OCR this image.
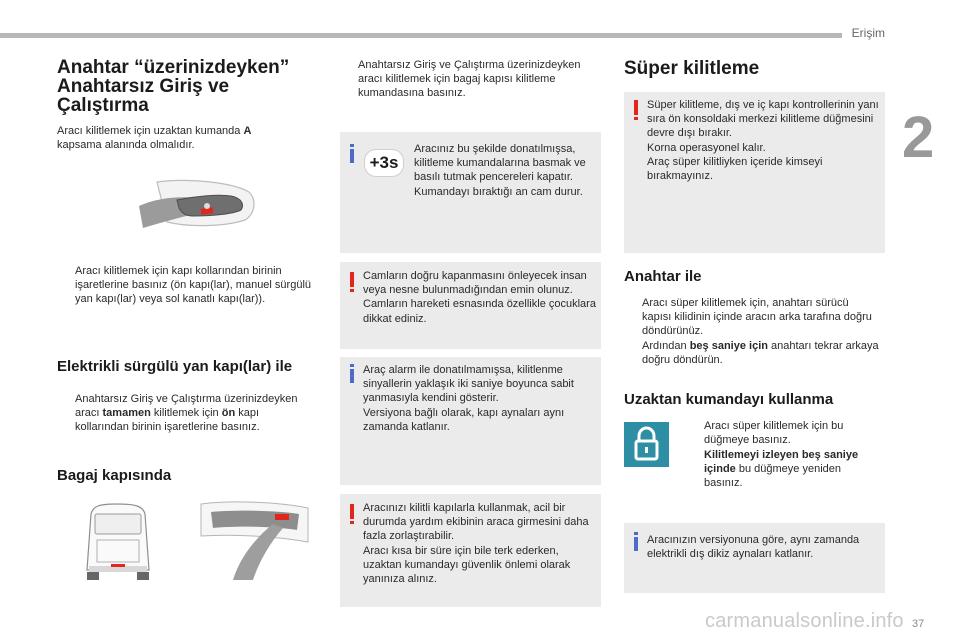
Erişim
2
37
carmanualsonline.info
Anahtar “üzerinizdeyken”
Anahtarsız Giriş ve
Çalıştırma
Aracı kilitlemek için uzaktan kumanda A
kapsama alanında olmalıdır.
Aracı kilitlemek için kapı kollarından birinin işaretlerine basınız (ön kapı(lar), manuel sürgülü yan kapı(lar) veya sol kanatlı kapı(lar)).
Elektrikli sürgülü yan kapı(lar) ile
Anahtarsız Giriş ve Çalıştırma üzerinizdeyken aracı tamamen kilitlemek için ön kapı kollarından birinin işaretlerine basınız.
Bagaj kapısında
Anahtarsız Giriş ve Çalıştırma üzerinizdeyken aracı kilitlemek için bagaj kapısı kilitleme kumandasına basınız.
Aracınız bu şekilde donatılmışsa, kilitleme kumandalarına basmak ve basılı tutmak pencereleri kapatır. Kumandayı bıraktığı an cam durur.
+3s
Camların doğru kapanmasını önleyecek insan veya nesne bulunmadığından emin olunuz.
Camların hareketi esnasında özellikle çocuklara dikkat ediniz.
Araç alarm ile donatılmamışsa, kilitlenme sinyallerin yaklaşık iki saniye boyunca sabit yanmasıyla kendini gösterir.
Versiyona bağlı olarak, kapı aynaları aynı zamanda katlanır.
Aracınızı kilitli kapılarla kullanmak, acil bir durumda yardım ekibinin araca girmesini daha fazla zorlaştırabilir.
Aracı kısa bir süre için bile terk ederken, uzaktan kumandayı güvenlik önlemi olarak yanınıza alınız.
Süper kilitleme
Süper kilitleme, dış ve iç kapı kontrollerinin yanı sıra ön konsoldaki merkezi kilitleme düğmesini devre dışı bırakır.
Korna operasyonel kalır.
Araç süper kilitliyken içeride kimseyi bırakmayınız.
Anahtar ile
Aracı süper kilitlemek için, anahtarı sürücü kapısı kilidinin içinde aracın arka tarafına doğru döndürünüz.
Ardından beş saniye için anahtarı tekrar arkaya doğru döndürün.
Uzaktan kumandayı kullanma
Aracı süper kilitlemek için bu düğmeye basınız.
Kilitlemeyi izleyen beş saniye içinde bu düğmeye yeniden basınız.
Aracınızın versiyonuna göre, aynı zamanda elektrikli dış dikiz aynaları katlanır.
